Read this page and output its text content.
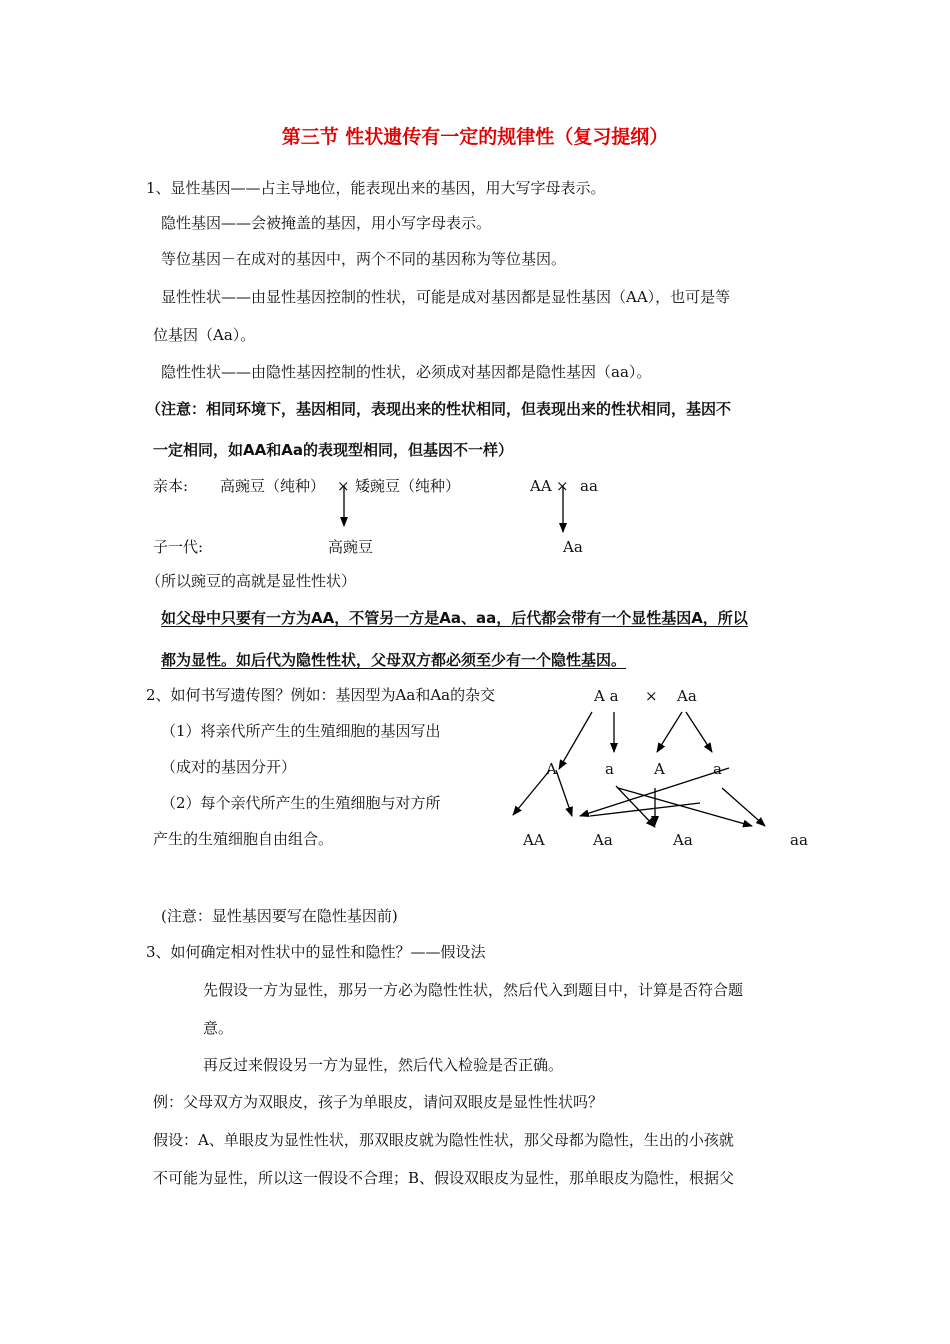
第三节 性状遗传有一定的规律性（复习提纲）

1、显性基因——占主导地位，能表现出来的基因，用大写字母表示。

隐性基因——会被掩盖的基因，用小写字母表示。

等位基因－在成对的基因中，两个不同的基因称为等位基因。

显性性状——由显性基因控制的性状，可能是成对基因都是显性基因（AA），也可是等

位基因（Aa）。

隐性性状——由隐性基因控制的性状，必须成对基因都是隐性基因（aa）。

（注意：相同环境下，基因相同，表现出来的性状相同，但表现出来的性状相同，基因不

一定相同，如AA和Aa的表现型相同，但基因不一样）

亲本: 高豌豆（纯种） × 矮豌豆（纯种）	AA × aa
子一代:	高豌豆	Aa

（所以豌豆的高就是显性性状）

如父母中只要有一方为AA，不管另一方是Aa、aa，后代都会带有一个显性基因A，所以

都为显性。如后代为隐性性状，父母双方都必须至少有一个隐性基因。

2、如何书写遗传图？例如：基因型为Aa和Aa的杂交

（1）将亲代所产生的生殖细胞的基因写出

（成对的基因分开）

（2）每个亲代所产生的生殖细胞与对方所

产生的生殖细胞自由组合。

A a × Aa
A	a	A	a
AA	Aa	Aa	aa

(注意：显性基因要写在隐性基因前)

3、如何确定相对性状中的显性和隐性？——假设法

先假设一方为显性，那另一方必为隐性性状，然后代入到题目中，计算是否符合题

意。

再反过来假设另一方为显性，然后代入检验是否正确。

例：父母双方为双眼皮，孩子为单眼皮，请问双眼皮是显性性状吗？

假设：A、单眼皮为显性性状，那双眼皮就为隐性性状，那父母都为隐性，生出的小孩就

不可能为显性，所以这一假设不合理；B、假设双眼皮为显性，那单眼皮为隐性，根据父
